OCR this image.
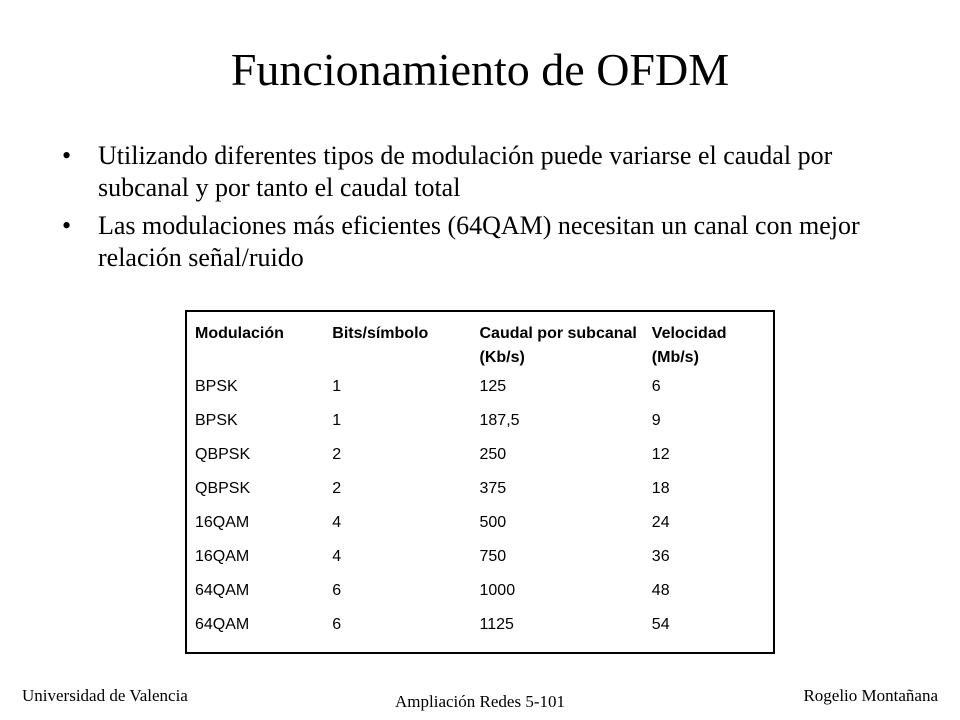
Funcionamiento de OFDM
• Utilizando diferentes tipos de modulación puede variarse el caudal por subcanal y por tanto el caudal total
• Las modulaciones más eficientes (64QAM) necesitan un canal con mejor relación señal/ruido
Modulación	Bits/símbolo	Caudal por subcanal (Kb/s)	Velocidad (Mb/s)
BPSK	1	125	6
BPSK	1	187,5	9
QBPSK	2	250	12
QBPSK	2	375	18
16QAM	4	500	24
16QAM	4	750	36
64QAM	6	1000	48
64QAM	6	1125	54
Universidad de Valencia	Ampliación Redes 5-101	Rogelio Montañana
